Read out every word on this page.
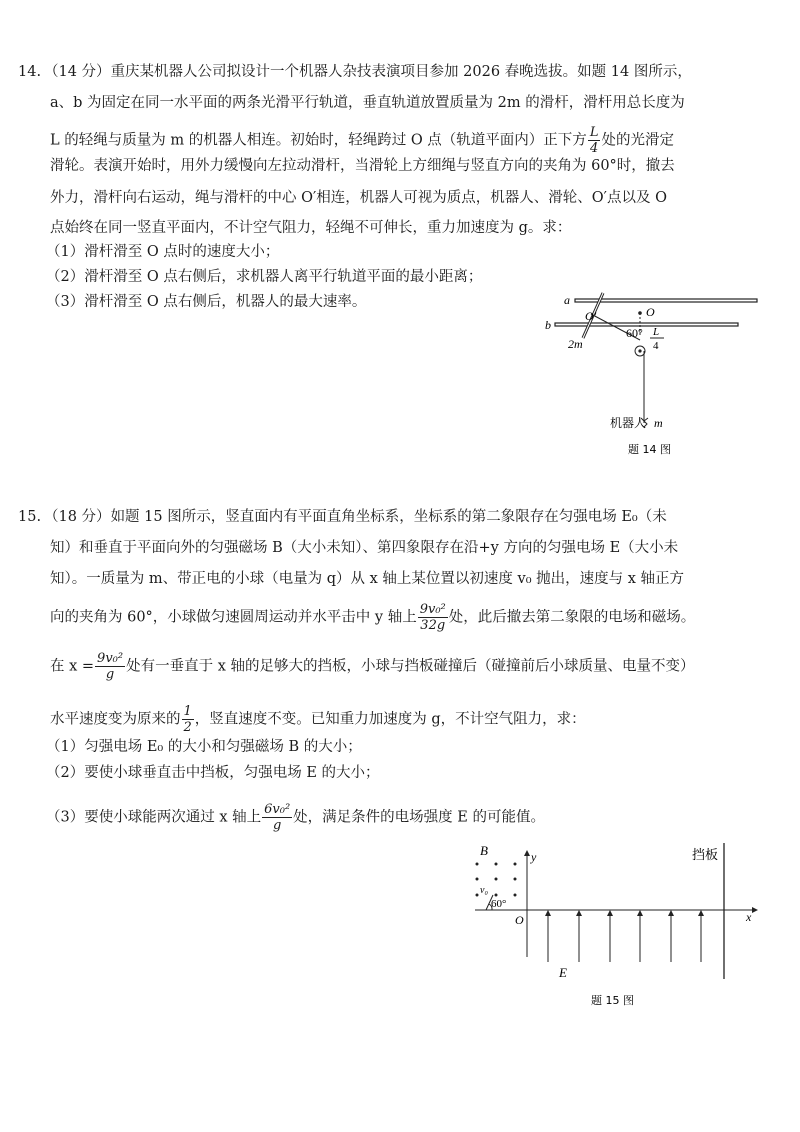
14. （14 分）重庆某机器人公司拟设计一个机器人杂技表演项目参加 2026 春晚选拔。如题 14 图所示，
a、b 为固定在同一水平面的两条光滑平行轨道，垂直轨道放置质量为 2m 的滑杆，滑杆用总长度为
L 的轻绳与质量为 m 的机器人相连。初始时，轻绳跨过 O 点（轨道平面内）正下方 $\frac{L}{4}$ 处的光滑定
滑轮。表演开始时，用外力缓慢向左拉动滑杆，当滑轮上方细绳与竖直方向的夹角为 60°时，撤去
外力，滑杆向右运动，绳与滑杆的中心 O′相连，机器人可视为质点，机器人、滑轮、O′点以及 O
点始终在同一竖直平面内，不计空气阻力，轻绳不可伸长，重力加速度为 g。求：
（1）滑杆滑至 O 点时的速度大小；
（2）滑杆滑至 O 点右侧后，求机器人离平行轨道平面的最小距离；
（3）滑杆滑至 O 点右侧后，机器人的最大速率。	a
b
O′	O
2m
60° L
4
机器人 m
题 14 图
15. （18 分）如题 15 图所示，竖直面内有平面直角坐标系，坐标系的第二象限存在匀强电场 E₀（未
知）和垂直于平面向外的匀强磁场 B（大小未知）、第四象限存在沿+y 方向的匀强电场 E（大小未
知）。一质量为 m、带正电的小球（电量为 q）从 x 轴上某位置以初速度 v₀ 抛出，速度与 x 轴正方
向的夹角为 60°，小球做匀速圆周运动并水平击中 y 轴上 $\frac{\text{9v₀²}}{32g}$ 处，此后撤去第二象限的电场和磁场。
在 $x = \frac{\text{9v₀²}}{g}$ 处有一垂直于 x 轴的足够大的挡板，小球与挡板碰撞后（碰撞前后小球质量、电量不变）
水平速度变为原来的 $\frac{1}{2}$ ，竖直速度不变。已知重力加速度为 g，不计空气阻力，求：
（1）匀强电场 E₀ 的大小和匀强磁场 B 的大小；
（2）要使小球垂直击中挡板，匀强电场 E 的大小；
（3）要使小球能两次通过 x 轴上 $\frac{\text{6v₀²}}{g}$ 处，满足条件的电场强度 E 的可能值。
B	y
x
O
E
v₀
60°
挡板
题 15 图
